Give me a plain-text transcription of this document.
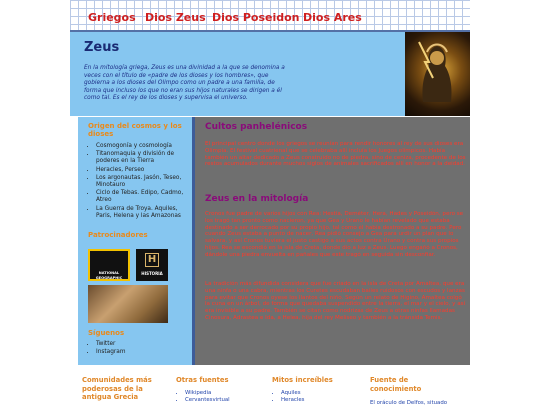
Griegos Dios Zeus Dios Poseidon Dios Ares
Zeus
En la mitología griega, Zeus es una divinidad a la que se denomina a veces con el título de «padre de los dioses y los hombres», que gobierna a los dioses del Olimpo como un padre a una familia, de forma que incluso los que no eran sus hijos naturales se dirigen a él como tal. Es el rey de los dioses y supervisa el universo.
Origen del cosmos y los dioses
• Cosmogonía y cosmología
• Titanomaquia y división de poderes en la Tierra
• Heracles, Perseo
• Los argonautas. Jasón, Teseo, Minotauro
• Ciclo de Tebas. Edipo, Cadmo, Atreo
• La Guerra de Troya. Aquiles, Paris, Helena y las Amazonas
Patrocinadores
NATIONAL GEOGRAPHIC
H
HISTORIA
Síguenos
• Twitter
• Instagram
Cultos panhelénicos
El principal centro donde los griegos se reunían para rendir honores al rey de sus dioses era Olimpia. El festival cuatrienal que se celebraba allí incluía los Juegos olímpicos. Había también un altar dedicado a Zeus construido no de piedra, sino de ceniza, procedente de los restos acumulados durante muchos siglos de animales sacrificados allí en honor a la deidad.
Zeus en la mitología
Cronos fue padre de varios hijos con Rea: Hestia, Deméter, Hera, Hades y Poseidón, pero se los tragó tan pronto como nacieron, ya que Gea y Urano le habían revelado que estaba destinado a ser derrocado por su propio hijo, tal como él había destronado a su padre. Pero cuando Zeus estaba a punto de nacer, Rea pidió consejo a Gea para urdir un plan que lo salvara, y así Cronos tuviera el justo castigo a sus actos contra Urano y contra sus propios hijos. Rea se escondió en la isla de Creta, donde dio a luz a Zeus. Luego engañó a Cronos, dándole una piedra envuelta en pañales que este tragó en seguida sin desconfiar.
La tradición más difundida considera que fue criado en la isla de Creta por Amaltea, que era una ninfa o una cabra, mientras los Curetes escudaban bailes ruidosos con escudos y lanzas para evitar que Cronos oyese los llantos del niño. Según un relato de Higino, Amaltea colgó la cuna en un árbol, de forma que quedaba suspendido entre la tierra, el mar y el cielo, y así era invisible a su padre. También se citan como nodrizas de Zeus a otras ninfas llamadas Cinosura, Adrastea e Ida, a Helea, hija del rey Meliseo y también a la tránsida Temis.
Comunidades más poderosas de la antigua Grecia
Otras fuentes
• Wikipedia
• Cervantesvirtual
Mitos increíbles
• Aquiles
• Heracles
Fuente de conocimiento
El oráculo de Delfos, situado
